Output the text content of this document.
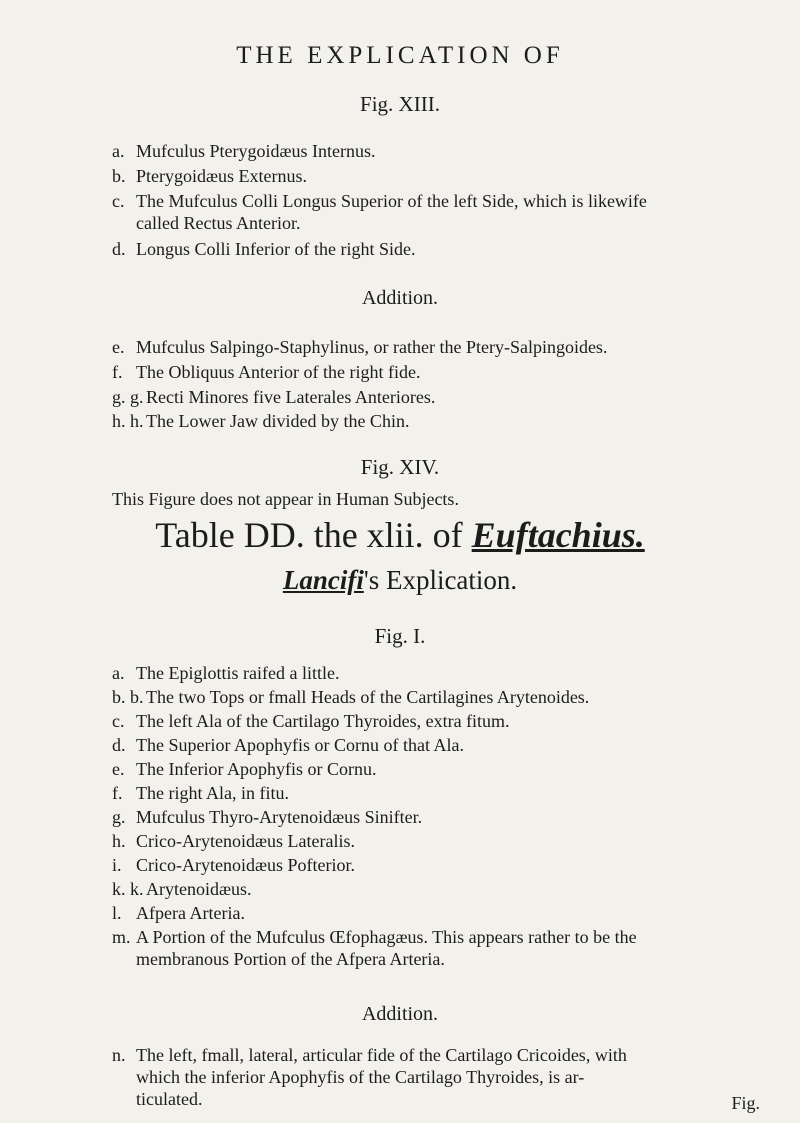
THE EXPLICATION OF
Fig. XIII.
a. Mufculus Pterygoidæus Internus.
b. Pterygoidæus Externus.
c. The Mufculus Colli Longus Superior of the left Side, which is likewife
called Rectus Anterior.
d. Longus Colli Inferior of the right Side.
Addition.
e. Mufculus Salpingo-Staphylinus, or rather the Ptery-Salpingoides.
f. The Obliquus Anterior of the right fide.
g. g. Recti Minores five Laterales Anteriores.
h. h. The Lower Jaw divided by the Chin.
Fig. XIV.
This Figure does not appear in Human Subjects.
Table DD. the xlii. of Euftachius.
Lancifi's Explication.
Fig. I.
a. The Epiglottis raifed a little.
b. b. The two Tops or fmall Heads of the Cartilagines Arytenoides.
c. The left Ala of the Cartilago Thyroides, extra fitum.
d. The Superior Apophyfis or Cornu of that Ala.
e. The Inferior Apophyfis or Cornu.
f. The right Ala, in fitu.
g. Mufculus Thyro-Arytenoidæus Sinifter.
h. Crico-Arytenoidæus Lateralis.
i. Crico-Arytenoidæus Pofterior.
k. k. Arytenoidæus.
l. Afpera Arteria.
m. A Portion of the Mufculus Œfophagæus. This appears rather to be the
membranous Portion of the Afpera Arteria.
Addition.
n. The left, fmall, lateral, articular fide of the Cartilago Cricoides, with
which the inferior Apophyfis of the Cartilago Thyroides, is ar-
ticulated.	Fig.
